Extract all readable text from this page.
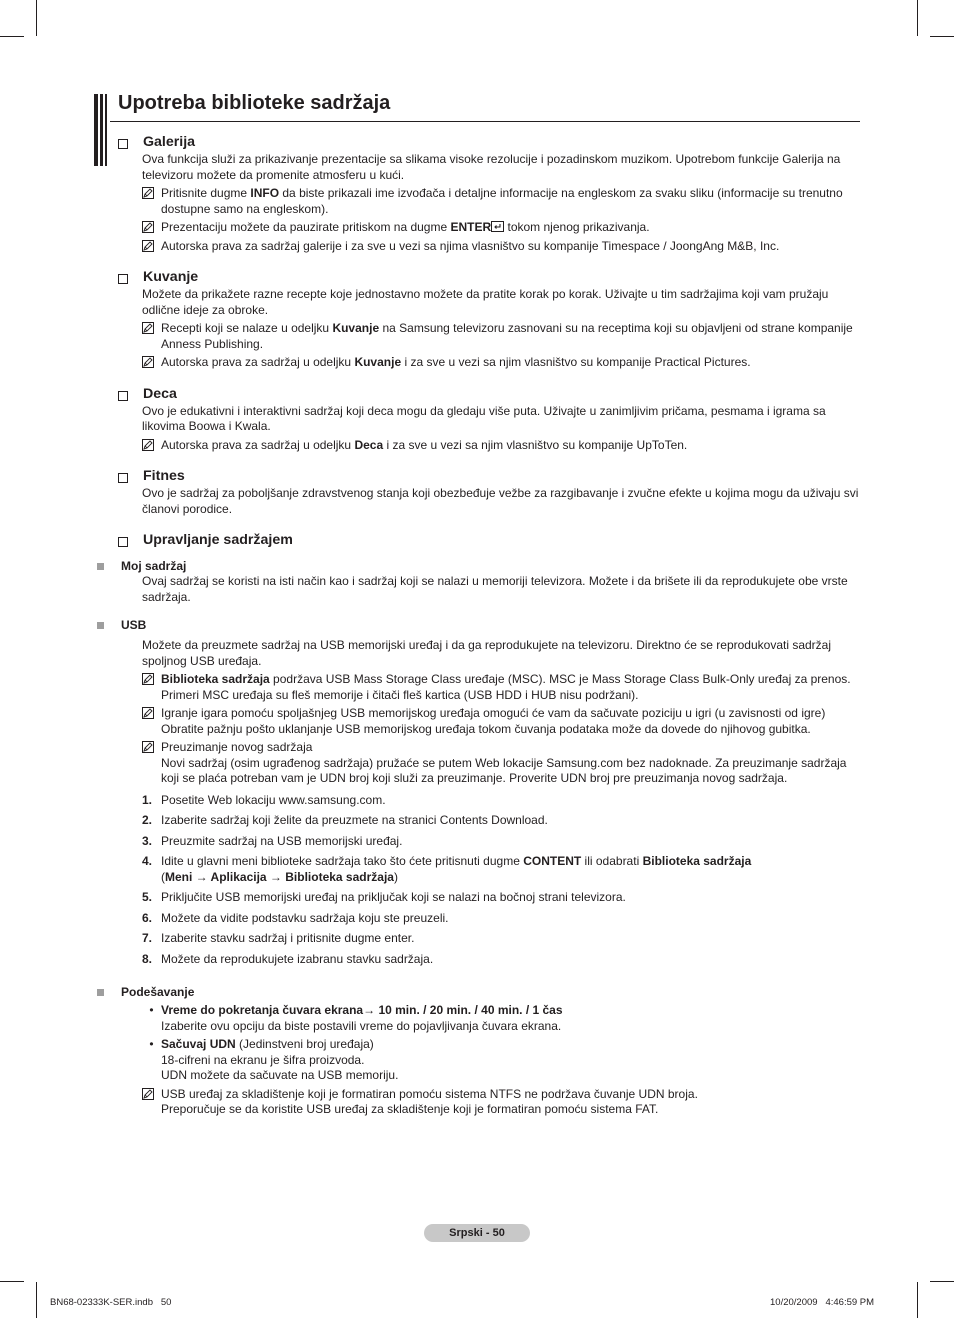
Upotreba biblioteke sadržaja
Galerija

Ova funkcija služi za prikazivanje prezentacije sa slikama visoke rezolucije i pozadinskom muzikom. Upotrebom funkcije Galerija na televizoru možete da promenite atmosferu u kući.

Pritisnite dugme INFO da biste prikazali ime izvođača i detaljne informacije na engleskom za svaku sliku (informacije su trenutno dostupne samo na engleskom).
Prezentaciju možete da pauzirate pritiskom na dugme ENTER tokom njenog prikazivanja.
Autorska prava za sadržaj galerije i za sve u vezi sa njima vlasništvo su kompanije Timespace / JoongAng M&B, Inc.
Kuvanje

Možete da prikažete razne recepte koje jednostavno možete da pratite korak po korak. Uživajte u tim sadržajima koji vam pružaju odlične ideje za obroke.

Recepti koji se nalaze u odeljku Kuvanje na Samsung televizoru zasnovani su na receptima koji su objavljeni od strane kompanije Anness Publishing.
Autorska prava za sadržaj u odeljku Kuvanje i za sve u vezi sa njim vlasništvo su kompanije Practical Pictures.
Deca

Ovo je edukativni i interaktivni sadržaj koji deca mogu da gledaju više puta. Uživajte u zanimljivim pričama, pesmama i igrama sa likovima Boowa i Kwala.

Autorska prava za sadržaj u odeljku Deca i za sve u vezi sa njim vlasništvo su kompanije UpToTen.
Fitnes

Ovo je sadržaj za poboljšanje zdravstvenog stanja koji obezbeđuje vežbe za razgibavanje i zvučne efekte u kojima mogu da uživaju svi članovi porodice.

Upravljanje sadržajem
Moj sadržaj

Ovaj sadržaj se koristi na isti način kao i sadržaj koji se nalazi u memoriji televizora. Možete i da brišete ili da reprodukujete obe vrste sadržaja.

USB

Možete da preuzmete sadržaj na USB memorijski uređaj i da ga reprodukujete na televizoru. Direktno će se reprodukovati sadržaj spoljnog USB uređaja.

Biblioteka sadržaja podržava USB Mass Storage Class uređaje (MSC). MSC je Mass Storage Class Bulk-Only uređaj za prenos. Primeri MSC uređaja su fleš memorije i čitači fleš kartica (USB HDD i HUB nisu podržani).
Igranje igara pomoću spoljašnjeg USB memorijskog uređaja omogući će vam da sačuvate poziciju u igri (u zavisnosti od igre) Obratite pažnju pošto uklanjanje USB memorijskog uređaja tokom čuvanja podataka može da dovede do njihovog gubitka.
Preuzimanje novog sadržaja
Novi sadržaj (osim ugrađenog sadržaja) pružaće se putem Web lokacije Samsung.com bez nadoknade. Za preuzimanje sadržaja koji se plaća potreban vam je UDN broj koji služi za preuzimanje. Proverite UDN broj pre preuzimanja novog sadržaja.
1. Posetite Web lokaciju www.samsung.com.
2. Izaberite sadržaj koji želite da preuzmete na stranici Contents Download.
3. Preuzmite sadržaj na USB memorijski uređaj.
4. Idite u glavni meni biblioteke sadržaja tako što ćete pritisnuti dugme CONTENT ili odabrati Biblioteka sadržaja
(Meni → Aplikacija → Biblioteka sadržaja)
5. Priključite USB memorijski uređaj na priključak koji se nalazi na bočnoj strani televizora.
6. Možete da vidite podstavku sadržaja koju ste preuzeli.
7. Izaberite stavku sadržaj i pritisnite dugme enter.
8. Možete da reprodukujete izabranu stavku sadržaja.
Podešavanje
• Vreme do pokretanja čuvara ekrana→ 10 min. / 20 min. / 40 min. / 1 čas
Izaberite ovu opciju da biste postavili vreme do pojavljivanja čuvara ekrana.
• Sačuvaj UDN (Jedinstveni broj uređaja)
18-cifreni na ekranu je šifra proizvoda.
UDN možete da sačuvate na USB memoriju.
USB uređaj za skladištenje koji je formatiran pomoću sistema NTFS ne podržava čuvanje UDN broja.
Preporučuje se da koristite USB uređaj za skladištenje koji je formatiran pomoću sistema FAT.
Srpski - 50
BN68-02333K-SER.indb   50	10/20/2009   4:46:59 PM
